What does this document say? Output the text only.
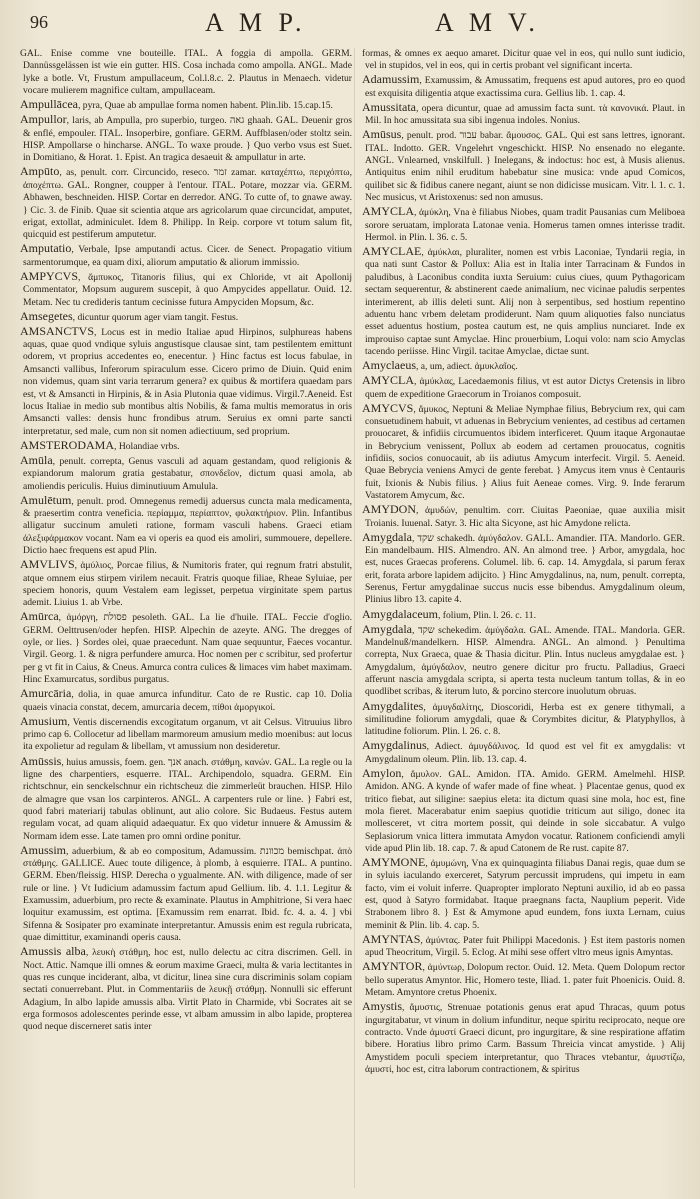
96	A M P.	A M V.

GAL. Enise comme vne bouteille. ITAL. A foggia di ampolla. GERM. Dannüssgelässen ist wie ein gutter. HIS. Cosa inchada como ampolla. ANGL. Made lyke a botle. Vt, Frustum ampullaceum, Col.l.8.c. 2. Plautus in Menaech. videtur vocare mulierem magnifice cultam, ampullaceam.

Ampullācea, pyra, Quae ab ampullae forma nomen habent. Plin.lib. 15.cap.15.

Ampullor, laris, ab Ampulla, pro superbio, turgeo. גאה ghaah. GAL. Deuenir gros & enflé, empouler. ITAL. Insoperbire, gonfiare. GERM. Auffblasen/oder stoltz sein. HISP. Ampollarse o hincharse. ANGL. To waxe proude. } Quo verbo vsus est Suet. in Domitiano, & Horat. 1. Epist. An tragica desaeuit & ampullatur in arte.

Ampūto, as, penult. corr. Circuncido, reseco. זמר zamar. καταχέπτω, περιχόπτω, ἀποχέπτω. GAL. Rongner, coupper à l'entour. ITAL. Potare, mozzar via. GERM. Abhawen, beschneiden. HISP. Cortar en derredor. ANG. To cutte of, to gnawe away. } Cic. 3. de Finib. Quae sit scientia atque ars agricolarum quae circuncidat, amputet, erigat, extollat, adminiculet. Idem 8. Philipp. In Reip. corpore vt totum salum fit, quicquid est pestiferum amputetur.

Amputatio, Verbale, Ipse amputandi actus. Cicer. de Senect. Propagatio vitium sarmentorumque, ea quam dixi, aliorum amputatio & aliorum immissio.

AMPYCVS, ἄμπυκος, Titanoris filius, qui ex Chloride, vt ait Apollonij Commentator, Mopsum augurem suscepit, à quo Ampycides appellatur. Ouid. 12. Metam. Nec tu credideris tantum cecinisse futura Ampyciden Mopsum, &c.

Amsegetes, dicuntur quorum ager viam tangit. Festus.

AMSANCTVS, Locus est in medio Italiae apud Hirpinos, sulphureas habens aquas, quae quod vndique syluis angustisque clausae sint, tam pestilentem emittunt odorem, vt proprius accedentes eo, enecentur. } Hinc factus est locus fabulae, in Amsancti vallibus, Inferorum spiraculum esse. Cicero primo de Diuin. Quid enim non videmus, quam sint varia terrarum genera? ex quibus & mortifera quaedam pars est, vt & Amsancti in Hirpinis, & in Asia Plutonia quae vidimus. Virgil.7.Aeneid. Est locus Italiae in medio sub montibus altis Nobilis, & fama multis memoratus in oris Amsancti valles: densis hunc frondibus atrum. Seruius ex omni parte sancti interpretatur, sed male, cum non sit nomen adiectiuum, sed proprium.

AMSTERODAMA, Holandiae vrbs.

Amūla, penult. correpta, Genus vasculi ad aquam gestandam, quod religionis & expiandorum malorum gratia gestabatur, σπονδεῖον, dictum quasi amola, ab amoliendis periculis. Huius diminutiuum Amulula.

Amulētum, penult. prod. Omnegenus remedij aduersus cuncta mala medicamenta, & praesertim contra veneficia. περίαμμα, περίαπτον, φυλακτήριον. Plin. Infantibus alligatur succinum amuleti ratione, formam vasculi habens. Graeci etiam ἀλεξιφάρμακον vocant. Nam ea vi operis ea quod eis amoliri, summouere, depellere. Dictio haec frequens est apud Plin.

AMVLIVS, ἀμύλιος, Porcae filius, & Numitoris frater, qui regnum fratri abstulit, atque omnem eius stirpem virilem necauit. Fratris quoque filiae, Rheae Syluiae, per speciem honoris, quum Vestalem eam legisset, perpetua virginitate spem partus ademit. Liuius 1. ab Vrbe.

Amūrca, ἀμόργη, פסולת pesoleth. GAL. La lie d'huile. ITAL. Feccie d'oglio. GERM. Oelttrusen/oder hepfen. HISP. Alpechin de azeyte. ANG. The dregges of oyle, or lies. } Sordes olei, quae praecedunt. Nam quae sequuntur, Faeces vocantur. Virgil. Georg. 1. & nigra perfundere amurca. Hoc nomen per c scribitur, sed profertur per g vt fit in Caius, & Cneus. Amurca contra culices & limaces vim habet maximam. Hinc Examurcatus, sordibus purgatus.

Amurcāria, dolia, in quae amurca infunditur. Cato de re Rustic. cap 10. Dolia quaeis vinacia constat, decem, amurcaria decem, πίθοι ἀμοργικοί.

Amusium, Ventis discernendis excogitatum organum, vt ait Celsus. Vitruuius libro primo cap 6. Collocetur ad libellam marmoreum amusium medio moenibus: aut locus ita expolietur ad regulam & libellam, vt amussium non desideretur.

Amūssis, huius amussis, foem. gen. אנך anach. στάθμη, κανών. GAL. La regle ou la ligne des charpentiers, esquerre. ITAL. Archipendolo, squadra. GERM. Ein richtschnur, ein senckelschnur ein richtscheuz die zimmerleüt brauchen. HISP. Hilo de almagre que vsan los carpinteros. ANGL. A carpenters rule or line. } Fabri est, quod fabri materiarij tabulas oblinunt, aut alio colore. Sic Budaeus. Festus autem regulam vocat, ad quam aliquid adaequatur. Ex quo videtur innuere & Amussim & Normam idem esse. Late tamen pro omni ordine ponitur.

Amussim, aduerbium, & ab eo compositum, Adamussim. מכוונת bemischpat. ἀπὸ στάθμης. GALLICE. Auec toute diligence, à plomb, à esquierre. ITAL. A puntino. GERM. Eben/fleissig. HISP. Derecha o ygualmente. AN. with diligence, made of ser rule or line. } Vt Iudicium adamussim factum apud Gellium. lib. 4. 1.1. Legitur & Examussim, aduerbium, pro recte & examinate. Plautus in Amphitrione, Si vera haec loquitur examussim, est optima. [Examussim rem enarrat. Ibid. fc. 4. a. 4. ] vbi Sifenna & Sosipater pro examinate interpretantur. Amussis enim est regula rubricata, quae dimittitur, examinandi operis causa.

Amussis alba, λευκὴ στάθμη, hoc est, nullo delectu ac citra discrimen. Gell. in Noct. Attic. Namque illi omnes & eorum maxime Graeci, multa & varia lectitantes in quas res cunque inciderant, alba, vt dicitur, linea sine cura discriminis solam copiam sectati conuerrebant. Plut. in Commentariis de λευκῇ στάθμῃ. Nonnulli sic efferunt Adagium, In albo lapide amussis alba. Virtit Plato in Charmide, vbi Socrates ait se erga formosos adolescentes perinde esse, vt albam amussim in albo lapide, propterea quod neque discerneret satis inter

formas, & omnes ex aequo amaret. Dicitur quae vel in eos, qui nullo sunt iudicio, vel in stupidos, vel in eos, qui in certis probant vel significant incerta.

Adamussim, Examussim, & Amussatim, frequens est apud autores, pro eo quod est exquisita diligentia atque exactissima cura. Gellius lib. 1. cap. 4.

Amussitata, opera dicuntur, quae ad amussim facta sunt. τὰ κανονικά. Plaut. in Mil. In hoc amussitata sua sibi ingenua indoles. Nonius.

Amūsus, penult. prod. עבור babar. ἄμουσος. GAL. Qui est sans lettres, ignorant. ITAL. Indotto. GER. Vngelehrt vngeschickt. HISP. No ensenado no elegante. ANGL. Vnlearned, vnskilfull. } Inelegans, & indoctus: hoc est, à Musis alienus. Antiquitus enim nihil eruditum habebatur sine musica: vnde apud Comicos, quilibet sic & fidibus canere negant, aiunt se non didicisse musicam. Vitr. l. 1. c. 1. Nec musicus, vt Aristoxenus: sed non amusus.

AMYCLA, ἀμύκλη, Vna è filiabus Niobes, quam tradit Pausanias cum Meliboea sorore seruatam, implorata Latonae venia. Homerus tamen omnes interisse tradit. Hermol. in Plin. l. 36. c. 5.

AMYCLAE, ἀμύκλαι, pluraliter, nomen est vrbis Laconiae, Tyndarii regia, in qua nati sunt Castor & Pollux: Alia est in Italia inter Tarracinam & Fundos in paludibus, à Laconibus condita iuxta Seruium: cuius ciues, quum Pythagoricam sectam sequerentur, & abstinerent caede animalium, nec vicinae paludis serpentes interimerent, ab illis deleti sunt. Alij non à serpentibus, sed hostium repentino aduentu hanc vrbem deletam prodiderunt. Nam quum aliquoties falso nunciatus esset aduentus hostium, postea cautum est, ne quis amplius nunciaret. Inde ex improuiso captae sunt Amyclae. Hinc prouerbium, Loqui volo: nam scio Amyclas tacendo periisse. Hinc Virgil. tacitae Amyclae, dictae sunt.

Amyclaeus, a, um, adiect. ἀμυκλαῖος.

AMYCLA, ἀμύκλας, Lacedaemonis filius, vt est autor Dictys Cretensis in libro quem de expeditione Graecorum in Troianos composuit.

AMYCVS, ἄμυκος, Neptuni & Meliae Nymphae filius, Bebrycium rex, qui cam consuetudinem habuit, vt aduenas in Bebrycium venientes, ad cestibus ad certamen prouocaret, & infidiis circumuentos ibidem interficeret. Quum itaque Argonautae in Bebrycium venissent, Pollux ab eodem ad certamen prouocatus, cognitis infidiis, socios conuocauit, ab iis adiutus Amycum interfecit. Virgil. 5. Aeneid. Quae Bebrycia veniens Amyci de gente ferebat. } Amycus item vnus è Centauris fuit, Ixionis & Nubis filius. } Alius fuit Aeneae comes. Virg. 9. Inde ferarum Vastatorem Amycum, &c.

AMYDON, ἀμυδών, penultim. corr. Ciuitas Paeoniae, quae auxilia misit Troianis. Iuuenal. Satyr. 3. Hic alta Sicyone, ast hic Amydone relicta.

Amygdala, שקד schakedh. ἀμύγδαλον. GALL. Amandier. ITA. Mandorlo. GER. Ein mandelbaum. HIS. Almendro. AN. An almond tree. } Arbor, amygdala, hoc est, nuces Graecas proferens. Columel. lib. 6. cap. 14. Amygdala, si parum ferax erit, forata arbore lapidem adijcito. } Hinc Amygdalinus, na, num, penult. correpta, Serenus, Fertur amygdalinae succus nucis esse bibendus. Amygdalinum oleum, Plinius libro 13. capite 4.

Amygdalaceum, folium, Plin. l. 26. c. 11.

Amygdala, שקד schekedim. ἀμύγδαλα. GAL. Amende. ITAL. Mandorla. GER. Mandelnuß/mandelkern. HISP. Almendra. ANGL. An almond. } Penultima correpta, Nux Graeca, quae & Thasia dicitur. Plin. Intus nucleus amygdalae est. } Amygdalum, ἀμύγδαλον, neutro genere dicitur pro fructu. Palladius, Graeci afferunt nascia amygdala scripta, si aperta testa nucleum tantum tollas, & in eo quodlibet scribas, & iterum luto, & porcino stercore inuolutum obruas.

Amygdalites, ἀμυγδαλίτης, Dioscoridi, Herba est ex genere tithymali, a similitudine foliorum amygdali, quae & Corymbites dicitur, & Platyphyllos, à latitudine foliorum. Plin. l. 26. c. 8.

Amygdalinus, Adiect. ἀμυγδάλινος. Id quod est vel fit ex amygdalis: vt Amygdalinum oleum. Plin. lib. 13. cap. 4.

Amylon, ἄμυλον. GAL. Amidon. ITA. Amido. GERM. Amelmehl. HISP. Amidon. ANG. A kynde of wafer made of fine wheat. } Placentae genus, quod ex tritico fiebat, aut siligine: saepius eleta: ita dictum quasi sine mola, hoc est, fine mola fieret. Macerabatur enim saepius quotidie triticum aut siligo, donec ita mollesceret, vt citra mortem possit, qui deinde in sole siccabatur. A vulgo Seplasiorum vnica littera immutata Amydon vocatur. Rationem conficiendi amyli vide apud Plin lib. 18. cap. 7. & apud Catonem de Re rust. capite 87.

AMYMONE, ἀμυμώνη, Vna ex quinquaginta filiabus Danai regis, quae dum se in syluis iaculando exerceret, Satyrum percussit imprudens, qui impetu in eam facto, vim ei voluit inferre. Quapropter implorato Neptuni auxilio, id ab eo passa est, quod à Satyro formidabat. Itaque praegnans facta, Nauplium peperit. Vide Strabonem libro 8. } Est & Amymone apud eundem, fons iuxta Lernam, cuius meminit & Plin. lib. 4. cap. 5.

AMYNTAS, ἀμύντας. Pater fuit Philippi Macedonis. } Est item pastoris nomen apud Theocritum, Virgil. 5. Eclog. At mihi sese offert vltro meus ignis Amyntas.

AMYNTOR, ἀμύντωρ, Dolopum rector. Ouid. 12. Meta. Quem Dolopum rector bello superatus Amyntor. Hic, Homero teste, Iliad. 1. pater fuit Phoenicis. Ouid. 8. Metam. Amyntore cretus Phoenix.

Amystis, ἄμυστις, Strenuae potationis genus erat apud Thracas, quum potus ingurgitabatur, vt vinum in dolium infunditur, neque spiritu reciprocato, neque ore contracto. Vnde ἀμυστί Graeci dicunt, pro ingurgitare, & sine respiratione affatim bibere. Horatius libro primo Carm. Bassum Threicia vincat amystide. } Alij Amystidem poculi speciem interpretantur, quo Thraces vtebantur, ἀμυστίζω, ἀμυστί, hoc est, citra laborum contractionem, & spiritus
